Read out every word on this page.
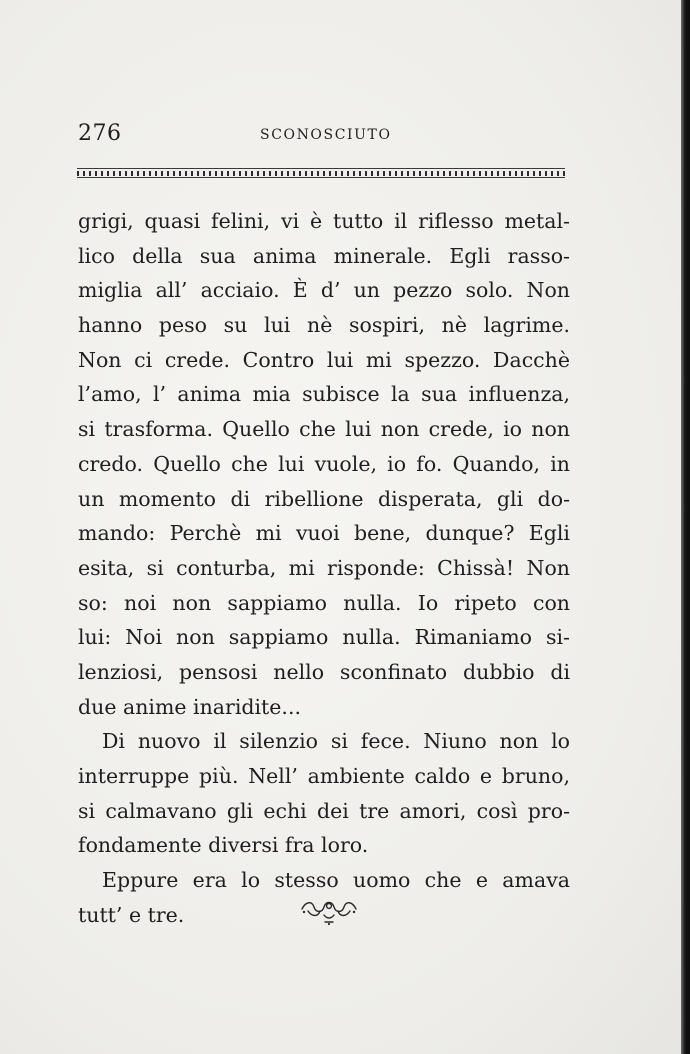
276	SCONOSCIUTO
grigi, quasi felini, vi è tutto il riflesso metal-
lico della sua anima minerale. Egli rasso-
miglia all’ acciaio. È d’ un pezzo solo. Non
hanno peso su lui nè sospiri, nè lagrime.
Non ci crede. Contro lui mi spezzo. Dacchè
l’amo, l’ anima mia subisce la sua influenza,
si trasforma. Quello che lui non crede, io non
credo. Quello che lui vuole, io fo. Quando, in
un momento di ribellione disperata, gli do-
mando: Perchè mi vuoi bene, dunque? Egli
esita, si conturba, mi risponde: Chissà! Non
so: noi non sappiamo nulla. Io ripeto con
lui: Noi non sappiamo nulla. Rimaniamo si-
lenziosi, pensosi nello sconfinato dubbio di
due anime inaridite...
Di nuovo il silenzio si fece. Niuno non lo
interruppe più. Nell’ ambiente caldo e bruno,
si calmavano gli echi dei tre amori, così pro-
fondamente diversi fra loro.
Eppure era lo stesso uomo che e amava
tutt’ e tre.
